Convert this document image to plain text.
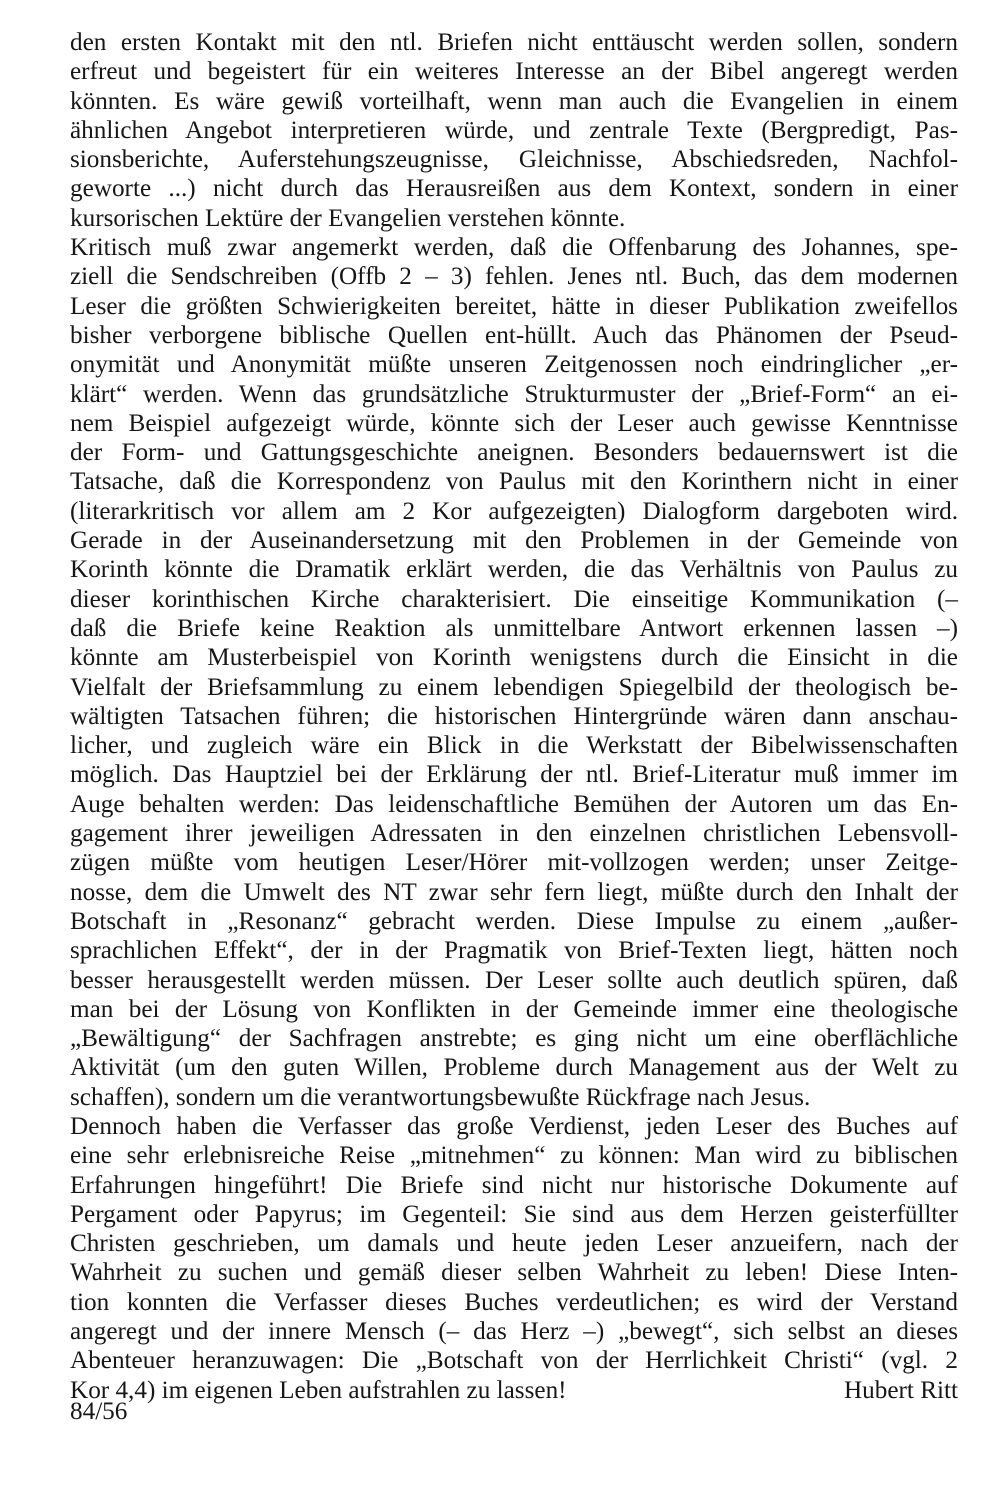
den ersten Kontakt mit den ntl. Briefen nicht enttäuscht werden sollen, sondern
erfreut und begeistert für ein weiteres Interesse an der Bibel angeregt werden
könnten. Es wäre gewiß vorteilhaft, wenn man auch die Evangelien in einem
ähnlichen Angebot interpretieren würde, und zentrale Texte (Bergpredigt, Pas-
sionsberichte, Auferstehungszeugnisse, Gleichnisse, Abschiedsreden, Nachfol-
geworte ...) nicht durch das Herausreißen aus dem Kontext, sondern in einer
kursorischen Lektüre der Evangelien verstehen könnte.
Kritisch muß zwar angemerkt werden, daß die Offenbarung des Johannes, spe-
ziell die Sendschreiben (Offb 2 – 3) fehlen. Jenes ntl. Buch, das dem modernen
Leser die größten Schwierigkeiten bereitet, hätte in dieser Publikation zweifellos
bisher verborgene biblische Quellen ent-hüllt. Auch das Phänomen der Pseud-
onymität und Anonymität müßte unseren Zeitgenossen noch eindringlicher „er-
klärt“ werden. Wenn das grundsätzliche Strukturmuster der „Brief-Form“ an ei-
nem Beispiel aufgezeigt würde, könnte sich der Leser auch gewisse Kenntnisse
der Form- und Gattungsgeschichte aneignen. Besonders bedauernswert ist die
Tatsache, daß die Korrespondenz von Paulus mit den Korinthern nicht in einer
(literarkritisch vor allem am 2 Kor aufgezeigten) Dialogform dargeboten wird.
Gerade in der Auseinandersetzung mit den Problemen in der Gemeinde von
Korinth könnte die Dramatik erklärt werden, die das Verhältnis von Paulus zu
dieser korinthischen Kirche charakterisiert. Die einseitige Kommunikation (–
daß die Briefe keine Reaktion als unmittelbare Antwort erkennen lassen –)
könnte am Musterbeispiel von Korinth wenigstens durch die Einsicht in die
Vielfalt der Briefsammlung zu einem lebendigen Spiegelbild der theologisch be-
wältigten Tatsachen führen; die historischen Hintergründe wären dann anschau-
licher, und zugleich wäre ein Blick in die Werkstatt der Bibelwissenschaften
möglich. Das Hauptziel bei der Erklärung der ntl. Brief-Literatur muß immer im
Auge behalten werden: Das leidenschaftliche Bemühen der Autoren um das En-
gagement ihrer jeweiligen Adressaten in den einzelnen christlichen Lebensvoll-
zügen müßte vom heutigen Leser/Hörer mit-vollzogen werden; unser Zeitge-
nosse, dem die Umwelt des NT zwar sehr fern liegt, müßte durch den Inhalt der
Botschaft in „Resonanz“ gebracht werden. Diese Impulse zu einem „außer-
sprachlichen Effekt“, der in der Pragmatik von Brief-Texten liegt, hätten noch
besser herausgestellt werden müssen. Der Leser sollte auch deutlich spüren, daß
man bei der Lösung von Konflikten in der Gemeinde immer eine theologische
„Bewältigung“ der Sachfragen anstrebte; es ging nicht um eine oberflächliche
Aktivität (um den guten Willen, Probleme durch Management aus der Welt zu
schaffen), sondern um die verantwortungsbewußte Rückfrage nach Jesus.
Dennoch haben die Verfasser das große Verdienst, jeden Leser des Buches auf
eine sehr erlebnisreiche Reise „mitnehmen“ zu können: Man wird zu biblischen
Erfahrungen hingeführt! Die Briefe sind nicht nur historische Dokumente auf
Pergament oder Papyrus; im Gegenteil: Sie sind aus dem Herzen geisterfüllter
Christen geschrieben, um damals und heute jeden Leser anzueifern, nach der
Wahrheit zu suchen und gemäß dieser selben Wahrheit zu leben! Diese Inten-
tion konnten die Verfasser dieses Buches verdeutlichen; es wird der Verstand
angeregt und der innere Mensch (– das Herz –) „bewegt“, sich selbst an dieses
Abenteuer heranzuwagen: Die „Botschaft von der Herrlichkeit Christi“ (vgl. 2
Kor 4,4) im eigenen Leben aufstrahlen zu lassen!	Hubert Ritt
84/56
